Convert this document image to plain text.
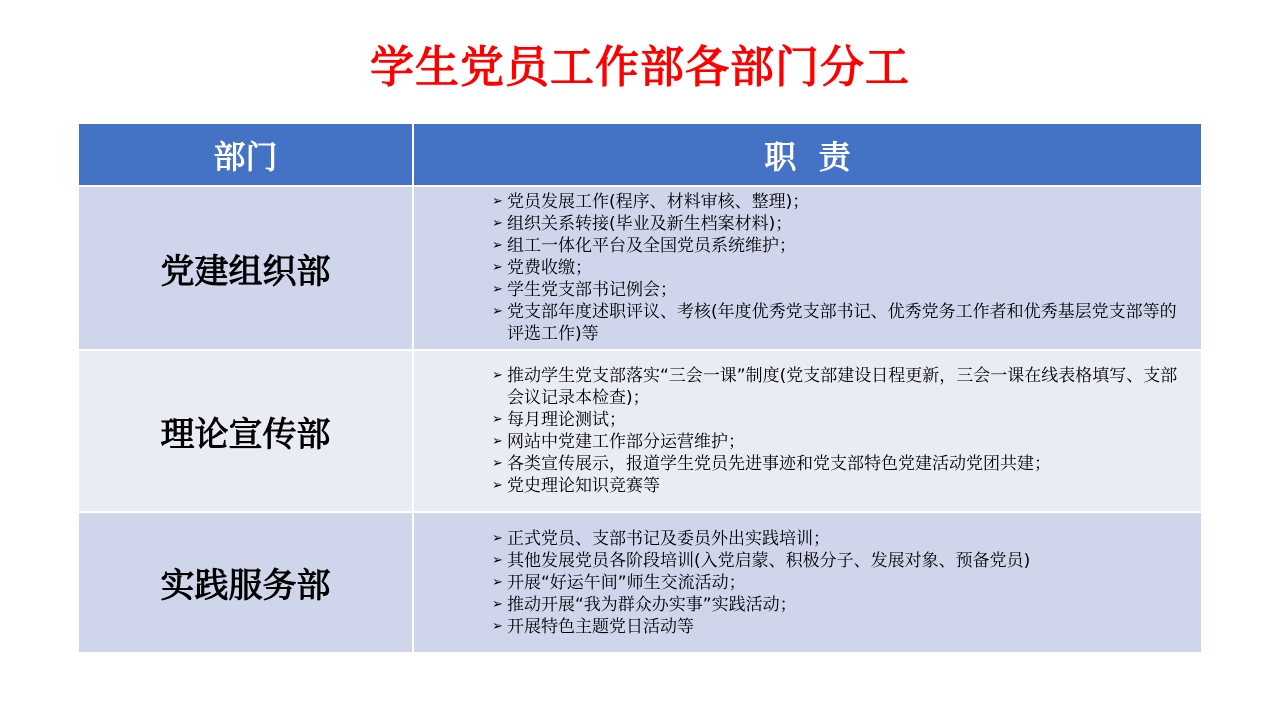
学生党员工作部各部门分工
部门	职  责
党建组织部
➢ 党员发展工作(程序、材料审核、整理)；
➢ 组织关系转接(毕业及新生档案材料)；
➢ 组工一体化平台及全国党员系统维护；
➢ 党费收缴；
➢ 学生党支部书记例会；
➢ 党支部年度述职评议、考核(年度优秀党支部书记、优秀党务工作者和优秀基层党支部等的评选工作)等
理论宣传部
➢ 推动学生党支部落实“三会一课”制度(党支部建设日程更新，三会一课在线表格填写、支部会议记录本检查)；
➢ 每月理论测试；
➢ 网站中党建工作部分运营维护；
➢ 各类宣传展示，报道学生党员先进事迹和党支部特色党建活动党团共建；
➢ 党史理论知识竞赛等
实践服务部
➢ 正式党员、支部书记及委员外出实践培训；
➢ 其他发展党员各阶段培训(入党启蒙、积极分子、发展对象、预备党员)
➢ 开展“好运午间”师生交流活动；
➢ 推动开展“我为群众办实事”实践活动；
➢ 开展特色主题党日活动等
